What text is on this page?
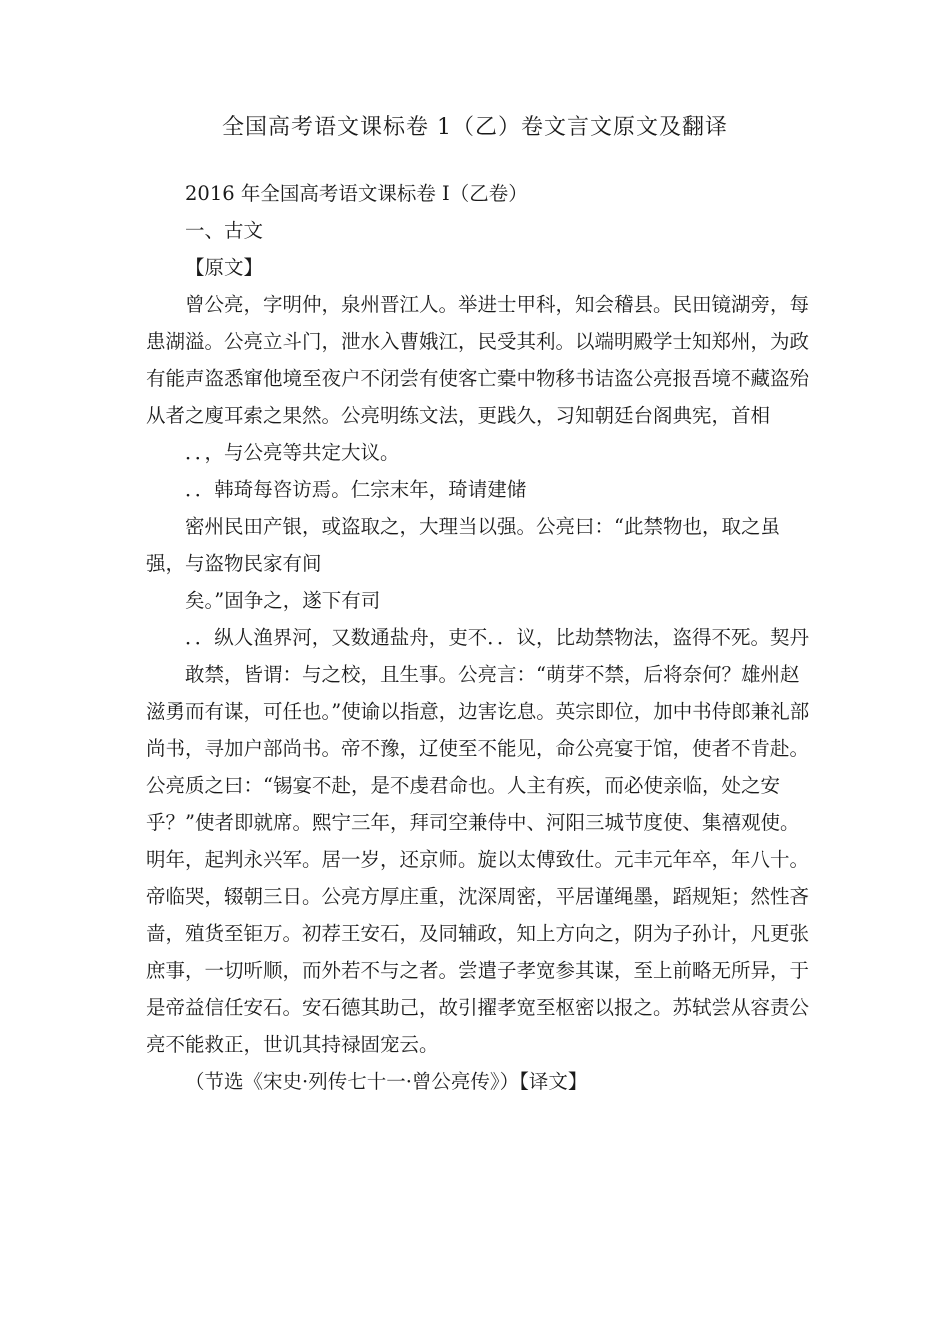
全国高考语文课标卷 1（乙）卷文言文原文及翻译

2016 年全国高考语文课标卷 I（乙卷）

一、古文

【原文】

曾公亮，字明仲，泉州晋江人。举进士甲科，知会稽县。民田镜湖旁，每患湖溢。公亮立斗门，泄水入曹娥江，民受其利。以端明殿学士知郑州，为政有能声盗悉窜他境至夜户不闭尝有使客亡橐中物移书诘盗公亮报吾境不藏盗殆从者之廋耳索之果然。公亮明练文法，更践久，习知朝廷台阁典宪，首相

．．，与公亮等共定大议。

．．韩琦每咨访焉。仁宗末年，琦请建储

密州民田产银，或盗取之，大理当以强。公亮曰：“此禁物也，取之虽强，与盗物民家有间

矣。”固争之，遂下有司

．．纵人渔界河，又数通盐舟，吏不．．议，比劫禁物法，盗得不死。契丹

敢禁，皆谓：与之校，且生事。公亮言：“萌芽不禁，后将奈何？雄州赵滋勇而有谋，可任也。”使谕以指意，边害讫息。英宗即位，加中书侍郎兼礼部尚书，寻加户部尚书。帝不豫，辽使至不能见，命公亮宴于馆，使者不肯赴。公亮质之曰：“锡宴不赴，是不虔君命也。人主有疾，而必使亲临，处之安乎？”使者即就席。熙宁三年，拜司空兼侍中、河阳三城节度使、集禧观使。明年，起判永兴军。居一岁，还京师。旋以太傅致仕。元丰元年卒，年八十。帝临哭，辍朝三日。公亮方厚庄重，沈深周密，平居谨绳墨，蹈规矩；然性吝啬，殖货至钜万。初荐王安石，及同辅政，知上方向之，阴为子孙计，凡更张庶事，一切听顺，而外若不与之者。尝遣子孝宽参其谋，至上前略无所异，于是帝益信任安石。安石德其助己，故引擢孝宽至枢密以报之。苏轼尝从容责公亮不能救正，世讥其持禄固宠云。

（节选《宋史·列传七十一·曾公亮传》）【译文】
